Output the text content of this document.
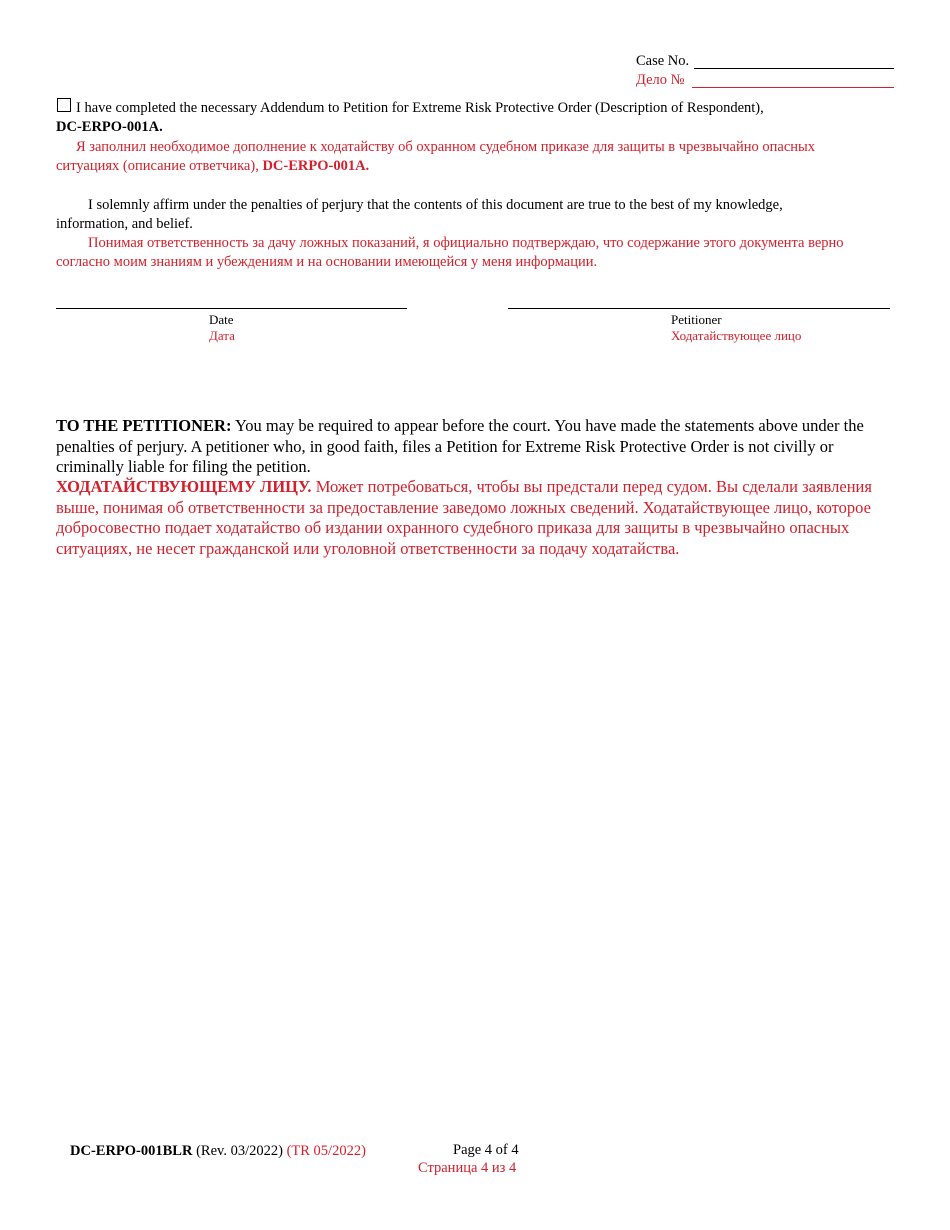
Case No.
Дело №
I have completed the necessary Addendum to Petition for Extreme Risk Protective Order (Description of Respondent),
DC-ERPO-001A.
Я заполнил необходимое дополнение к ходатайству об охранном судебном приказе для защиты в чрезвычайно опасных ситуациях (описание ответчика), DC-ERPO-001A.
I solemnly affirm under the penalties of perjury that the contents of this document are true to the best of my knowledge, information, and belief.
Понимая ответственность за дачу ложных показаний, я официально подтверждаю, что содержание этого документа верно согласно моим знаниям и убеждениям и на основании имеющейся у меня информации.
Date
Дата
Petitioner
Ходатайствующее лицо
TO THE PETITIONER: You may be required to appear before the court. You have made the statements above under the penalties of perjury. A petitioner who, in good faith, files a Petition for Extreme Risk Protective Order is not civilly or criminally liable for filing the petition.
ХОДАТАЙСТВУЮЩЕМУ ЛИЦУ. Может потребоваться, чтобы вы предстали перед судом. Вы сделали заявления выше, понимая об ответственности за предоставление заведомо ложных сведений. Ходатайствующее лицо, которое добросовестно подает ходатайство об издании охранного судебного приказа для защиты в чрезвычайно опасных ситуациях, не несет гражданской или уголовной ответственности за подачу ходатайства.
DC-ERPO-001BLR (Rev. 03/2022) (TR 05/2022)	Page 4 of 4
Страница 4 из 4
